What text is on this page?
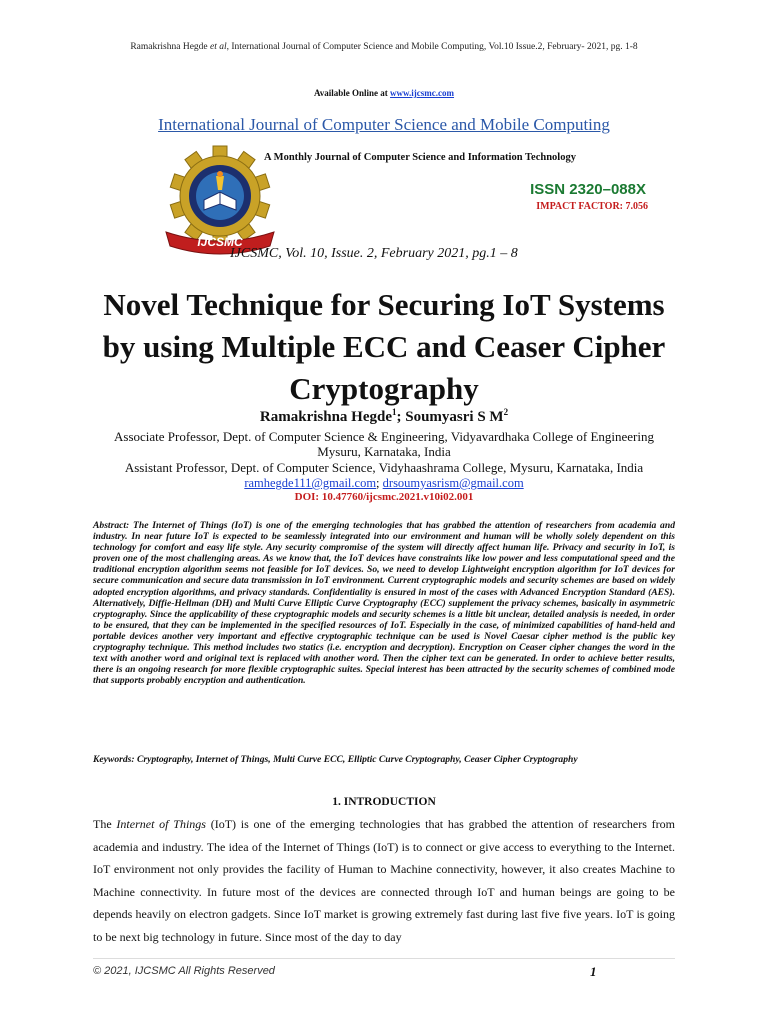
Ramakrishna Hegde et al, International Journal of Computer Science and Mobile Computing, Vol.10 Issue.2, February- 2021, pg. 1-8
Available Online at www.ijcsmc.com
International Journal of Computer Science and Mobile Computing
IJCSMC
A Monthly Journal of Computer Science and Information Technology
ISSN 2320–088X
IMPACT FACTOR: 7.056
IJCSMC, Vol. 10, Issue. 2, February 2021, pg.1 – 8
Novel Technique for Securing IoT Systems by using Multiple ECC and Ceaser Cipher Cryptography
Ramakrishna Hegde$^1$; Soumyasri S $M^2$
Associate Professor, Dept. of Computer Science & Engineering, Vidyavardhaka College of Engineering Mysuru, Karnataka, India
Assistant Professor, Dept. of Computer Science, Vidyhaashrama College, Mysuru, Karnataka, India
ramhegde111@gmail.com; drsoumyasrism@gmail.com
DOI: 10.47760/ijcsmc.2021.v10i02.001
Abstract: The Internet of Things (IoT) is one of the emerging technologies that has grabbed the attention of researchers from academia and industry. In near future IoT is expected to be seamlessly integrated into our environment and human will be wholly solely dependent on this technology for comfort and easy life style. Any security compromise of the system will directly affect human life. Privacy and security in IoT, is proven one of the most challenging areas. As we know that, the IoT devices have constraints like low power and less computational speed and the traditional encryption algorithm seems not feasible for IoT devices. So, we need to develop Lightweight encryption algorithm for IoT devices for secure communication and secure data transmission in IoT environment. Current cryptographic models and security schemes are based on widely adopted encryption algorithms, and privacy standards. Confidentiality is ensured in most of the cases with Advanced Encryption Standard (AES). Alternatively, Diffie-Hellman (DH) and Multi Curve Elliptic Curve Cryptography (ECC) supplement the privacy schemes, basically in asymmetric cryptography. Since the applicability of these cryptographic models and security schemes is a little bit unclear, detailed analysis is needed, in order to be ensured, that they can be implemented in the specified resources of IoT. Especially in the case, of minimized capabilities of hand-held and portable devices another very important and effective cryptographic technique can be used is Novel Caesar cipher method is the public key cryptography technique. This method includes two statics (i.e. encryption and decryption). Encryption on Ceaser cipher changes the word in the text with another word and original text is replaced with another word. Then the cipher text can be generated. In order to achieve better results, there is an ongoing research for more flexible cryptographic suites. Special interest has been attracted by the security schemes of combined mode that supports probably encryption and authentication.
Keywords: Cryptography, Internet of Things, Multi Curve ECC, Elliptic Curve Cryptography, Ceaser Cipher Cryptography
1. INTRODUCTION
The Internet of Things (IoT) is one of the emerging technologies that has grabbed the attention of researchers from academia and industry. The idea of the Internet of Things (IoT) is to connect or give access to everything to the Internet. IoT environment not only provides the facility of Human to Machine connectivity, however, it also creates Machine to Machine connectivity. In future most of the devices are connected through IoT and human beings are going to be depends heavily on electron gadgets. Since IoT market is growing extremely fast during last five five years. IoT is going to be next big technology in future. Since most of the day to day
© 2021, IJCSMC All Rights Reserved	1
